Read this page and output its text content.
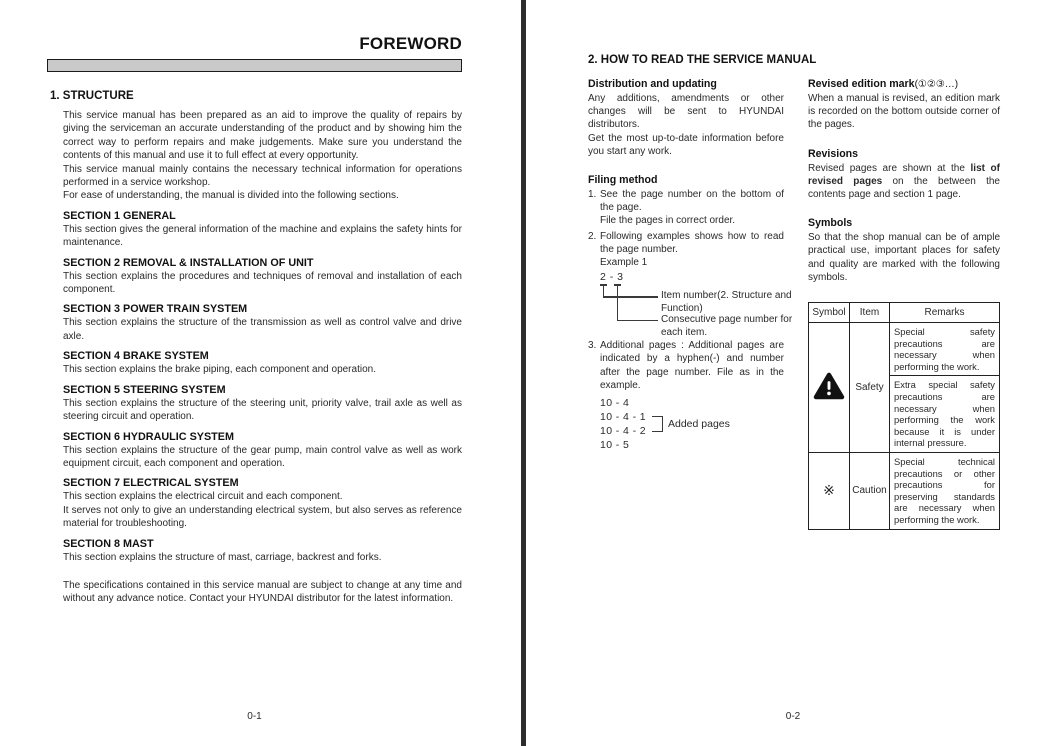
FOREWORD
1. STRUCTURE
This service manual has been prepared as an aid to improve the quality of repairs by giving the serviceman an accurate understanding of the product and by showing him the correct way to perform repairs and make judgements. Make sure you understand the contents of this manual and use it to full effect at every opportunity.
This service manual mainly contains the necessary technical information for operations performed in a service workshop.
For ease of understanding, the manual is divided into the following sections.
SECTION 1 GENERAL
This section gives the general information of the machine and explains the safety hints for maintenance.
SECTION 2 REMOVAL & INSTALLATION OF UNIT
This section explains the procedures and techniques of removal and installation of each component.
SECTION 3 POWER TRAIN SYSTEM
This section explains the structure of the transmission as well as control valve and drive axle.
SECTION 4 BRAKE SYSTEM
This section explains the brake piping, each component and operation.
SECTION 5 STEERING SYSTEM
This section explains the structure of the steering unit, priority valve, trail axle as well as steering circuit and operation.
SECTION 6 HYDRAULIC SYSTEM
This section explains the structure of the gear pump, main control valve as well as work equipment circuit, each component and operation.
SECTION 7 ELECTRICAL SYSTEM
This section explains the electrical circuit and each component.
It serves not only to give an understanding electrical system, but also serves as reference material for troubleshooting.
SECTION 8 MAST
This section explains the structure of mast, carriage, backrest and forks.
The specifications contained in this service manual are subject to change at any time and without any advance notice. Contact your HYUNDAI distributor for the latest information.
2. HOW TO READ THE SERVICE MANUAL
Distribution and updating
Any additions, amendments or other changes will be sent to HYUNDAI distributors.
Get the most up-to-date information before you start any work.
Filing method
1. See the page number on the bottom of the page.
File the pages in correct order.
2. Following examples shows how to read the page number.
Example 1
2 - 3
Item number(2. Structure and Function)
Consecutive page number for each item.
3. Additional pages : Additional pages are indicated by a hyphen(-) and number after the page number. File as in the example.
10 - 4
10 - 4 - 1
10 - 4 - 2
10 - 5
Added pages
Revised edition mark(①②③…)
When a manual is revised, an edition mark is recorded on the bottom outside corner of the pages.
Revisions
Revised pages are shown at the list of revised pages on the between the contents page and section 1 page.
Symbols
So that the shop manual can be of ample practical use, important places for safety and quality are marked with the following symbols.
Symbol	Item	Remarks
	Safety	Special safety precautions are necessary when performing the work.
		Extra special safety precautions are necessary when performing the work because it is under internal pressure.
※	Caution	Special technical precautions or other precautions for preserving standards are necessary when performing the work.
0-1	0-2
